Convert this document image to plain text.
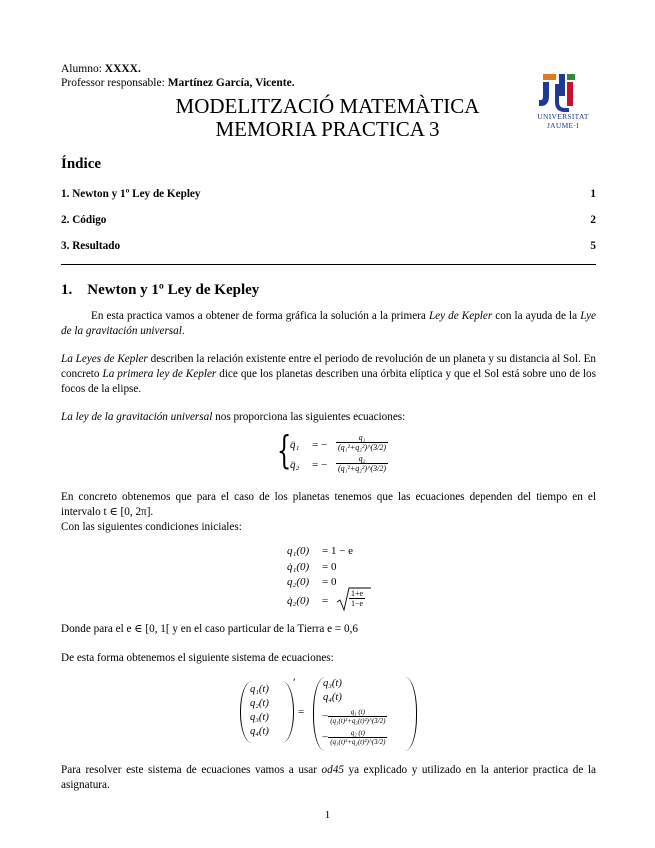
Alumno: XXXX.
Professor responsable: Martínez García, Vicente.
MODELITZACIÓ MATEMÀTICA
MEMORIA PRACTICA 3
UNIVERSITAT
JAUME·I
Índice
1. Newton y 1º Ley de Kepley	1
2. Código	2
3. Resultado	5
1.    Newton y 1º Ley de Kepley
En esta practica vamos a obtener de forma gráfica la solución a la primera Ley de Kepler con la ayuda de la Lye de la gravitación universal.
La Leyes de Kepler describen la relación existente entre el periodo de revolución de un planeta y su distancia al Sol. En concreto La primera ley de Kepler dice que los planetas describen una órbita elíptica y que el Sol está sobre uno de los focos de la elipse.
La ley de la gravitación universal nos proporciona las siguientes ecuaciones:
{
q̈₁ = − $\frac{\text{q₁}}{\text{(q₁²+q₂²)\textasciicircum{}(3/2)}}$
q̈₂ = − $\frac{\text{q₂}}{\text{(q₁²+q₂²)\textasciicircum{}(3/2)}}$
En concreto obtenemos que para el caso de los planetas tenemos que las ecuaciones dependen del tiempo en el intervalo t ∈ [0, 2π].
Con las siguientes condiciones iniciales:
q₁(0) = 1 − e
q̇₁(0) = 0
q₂(0) = 0
q̇₂(0) =	$\frac{1+e}{1-e}$
Donde para el e ∈ [0, 1[ y en el caso particular de la Tierra e = 0,6
De esta forma obtenemos el siguiente sistema de ecuaciones:
q₁(t)
q₂(t)
q₃(t)
q₄(t)
′
=
q₃(t)
q₄(t)
− $\frac{\text{q₁ (t)}}{\text{(q₁(t)²+q₂(t)²)\textasciicircum{}(3/2)}}$
− $\frac{\text{q₂ (t)}}{\text{(q₁(t)²+q₂(t)²)\textasciicircum{}(3/2)}}$
Para resolver este sistema de ecuaciones vamos a usar od45 ya explicado y utilizado en la anterior practica de la asignatura.
1
